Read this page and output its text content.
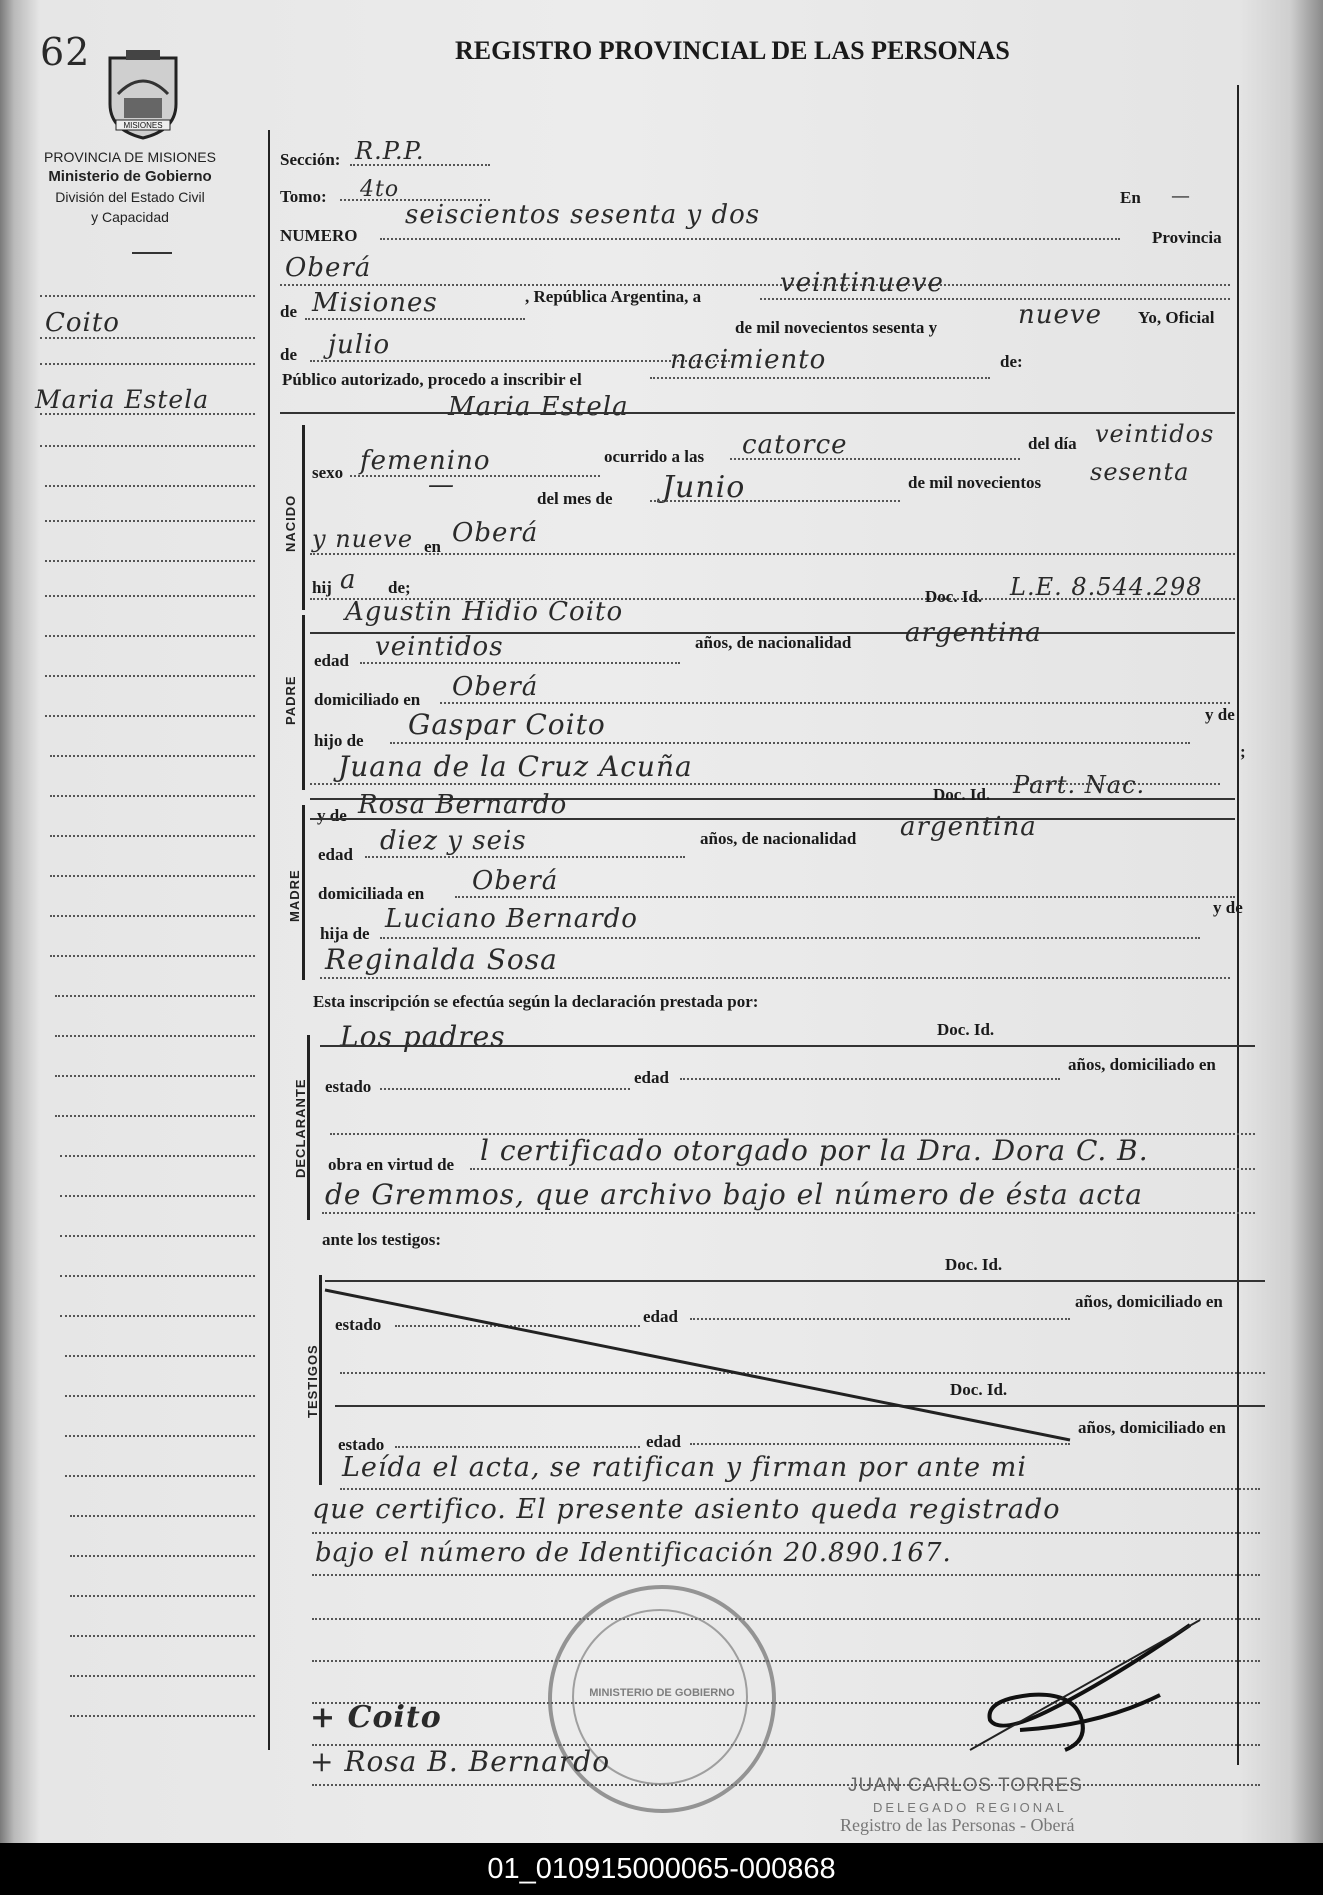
62	REGISTRO PROVINCIAL DE LAS PERSONAS
MISIONES
PROVINCIA DE MISIONES
Ministerio de Gobierno
División del Estado Civil
y Capacidad
Coito
Maria Estela
Sección: R.P.P.
Tomo: 4to	En —
NUMERO
seiscientos sesenta y dos
Provincia
Oberá
de Misiones	, República Argentina, a	veintinueve
de mil novecientos sesenta y	nueve Yo, Oficial
de julio
Público autorizado, procedo a inscribir el
nacimiento	de:
Maria Estela
NACIDO
sexo femenino	ocurrido a las catorce	del día veintidos
—	del mes de Junio	de mil novecientos sesenta
y nueve en Oberá
hij a de;
PADRE
Agustin Hidio Coito
Doc. Id. L.E. 8.544.298
edad veintidos	años, de nacionalidad argentina
domiciliado en Oberá
hijo de Gaspar Coito	y de
Juana de la Cruz Acuña	;
MADRE
y de Rosa Bernardo	Doc. Id. Part. Nac.
edad diez y seis	años, de nacionalidad argentina
domiciliada en Oberá
hija de Luciano Bernardo	y de
Reginalda Sosa
Esta inscripción se efectúa según la declaración prestada por:
DECLARANTE
Los padres	Doc. Id.
estado	edad
años, domiciliado en
obra en virtud de l certificado otorgado por la Dra. Dora C. B.
de Gremmos, que archivo bajo el número de ésta acta
ante los testigos:
TESTIGOS
Doc. Id.
estado	edad
años, domiciliado en
Doc. Id.
estado	edad
años, domiciliado en
Leída el acta, se ratifican y firman por ante mi
que certifico. El presente asiento queda registrado
bajo el número de Identificación 20.890.167.
MINISTERIO DE GOBIERNO
+ Coito
+ Rosa B. Bernardo
JUAN CARLOS TORRES
DELEGADO REGIONAL
Registro de las Personas - Oberá
01_010915000065-000868
